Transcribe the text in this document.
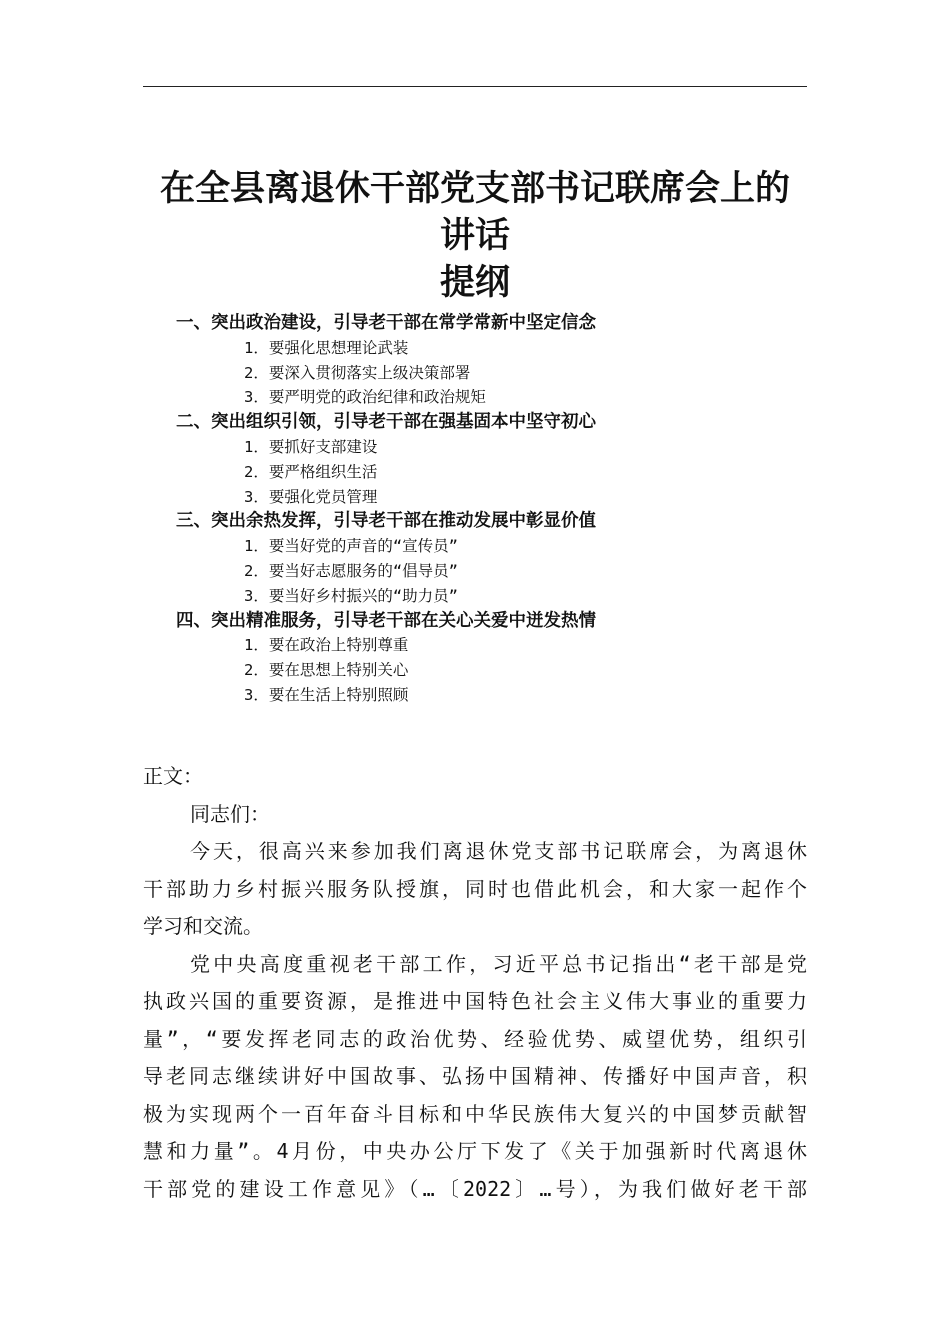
在全县离退休干部党支部书记联席会上的
讲话
提纲
一、突出政治建设，引导老干部在常学常新中坚定信念
1．要强化思想理论武装
2．要深入贯彻落实上级决策部署
3．要严明党的政治纪律和政治规矩
二、突出组织引领，引导老干部在强基固本中坚守初心
1．要抓好支部建设
2．要严格组织生活
3．要强化党员管理
三、突出余热发挥，引导老干部在推动发展中彰显价值
1．要当好党的声音的“宣传员”
2．要当好志愿服务的“倡导员”
3．要当好乡村振兴的“助力员”
四、突出精准服务，引导老干部在关心关爱中迸发热情
1．要在政治上特别尊重
2．要在思想上特别关心
3．要在生活上特别照顾
正文：
同志们：
今天，很高兴来参加我们离退休党支部书记联席会，为离退休
干部助力乡村振兴服务队授旗，同时也借此机会，和大家一起作个
学习和交流。
党中央高度重视老干部工作，习近平总书记指出“老干部是党
执政兴国的重要资源，是推进中国特色社会主义伟大事业的重要力
量”，“要发挥老同志的政治优势、经验优势、威望优势，组织引
导老同志继续讲好中国故事、弘扬中国精神、传播好中国声音，积
极为实现两个一百年奋斗目标和中华民族伟大复兴的中国梦贡献智
慧和力量”。4月份，中央办公厅下发了《关于加强新时代离退休
干部党的建设工作意见》（…〔2022〕…号），为我们做好老干部
